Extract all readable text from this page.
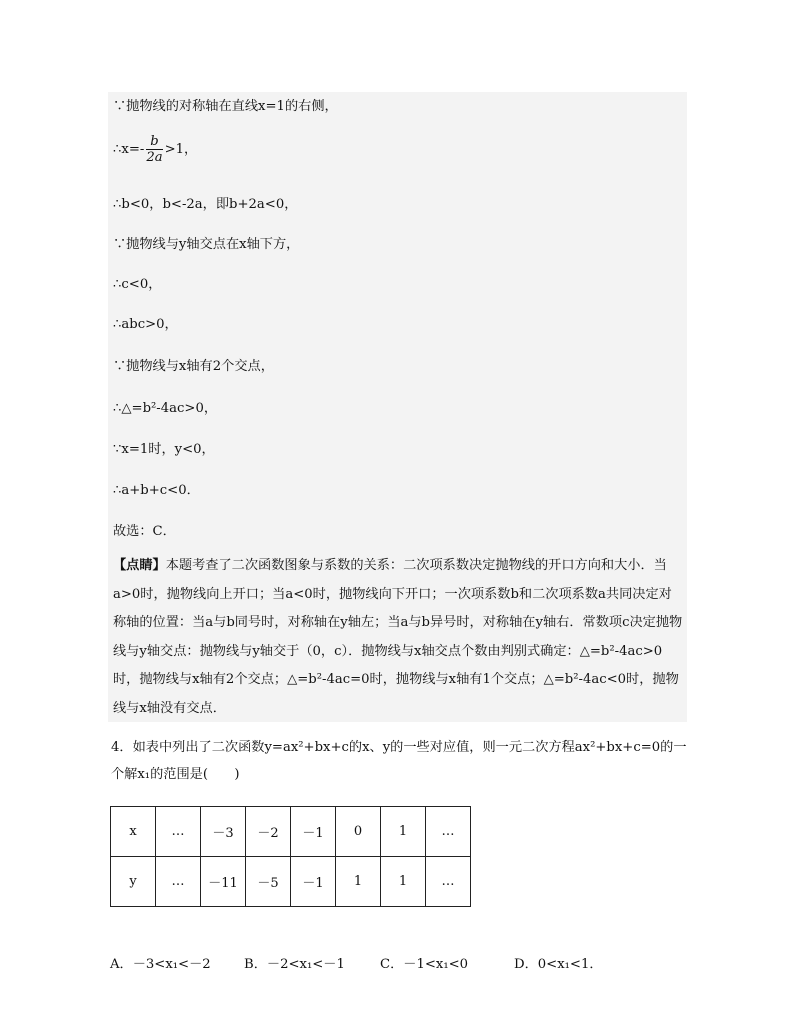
∵抛物线的对称轴在直线x=1的右侧，
∴x=- $\frac{b}{2a} >1$，
∴b<0，b<-2a，即b+2a<0，
∵抛物线与y轴交点在x轴下方，
∴c<0，
∴abc>0，
∵抛物线与x轴有2个交点，
∴△=b²-4ac>0，
∵x=1时，y<0，
∴a+b+c<0．
故选：C．
【点睛】本题考查了二次函数图象与系数的关系：二次项系数决定抛物线的开口方向和大小．当a>0时，抛物线向上开口；当a<0时，抛物线向下开口；一次项系数b和二次项系数a共同决定对称轴的位置：当a与b同号时，对称轴在y轴左；当a与b异号时，对称轴在y轴右．常数项c决定抛物线与y轴交点：抛物线与y轴交于（0，c）．抛物线与x轴交点个数由判别式确定：△=b²-4ac>0时，抛物线与x轴有2个交点；△=b²-4ac=0时，抛物线与x轴有1个交点；△=b²-4ac<0时，抛物线与x轴没有交点．
4．如表中列出了二次函数y=ax²+bx+c的x、y的一些对应值，则一元二次方程ax²+bx+c=0的一个解x₁的范围是(　　)
x	…	－3	－2	－1	0	1	…
y	…	－11	－5	－1	1	1	…
A．－3<x₁<－2	B．－2<x₁<－1	C．－1<x₁<0	D．0<x₁<1．
